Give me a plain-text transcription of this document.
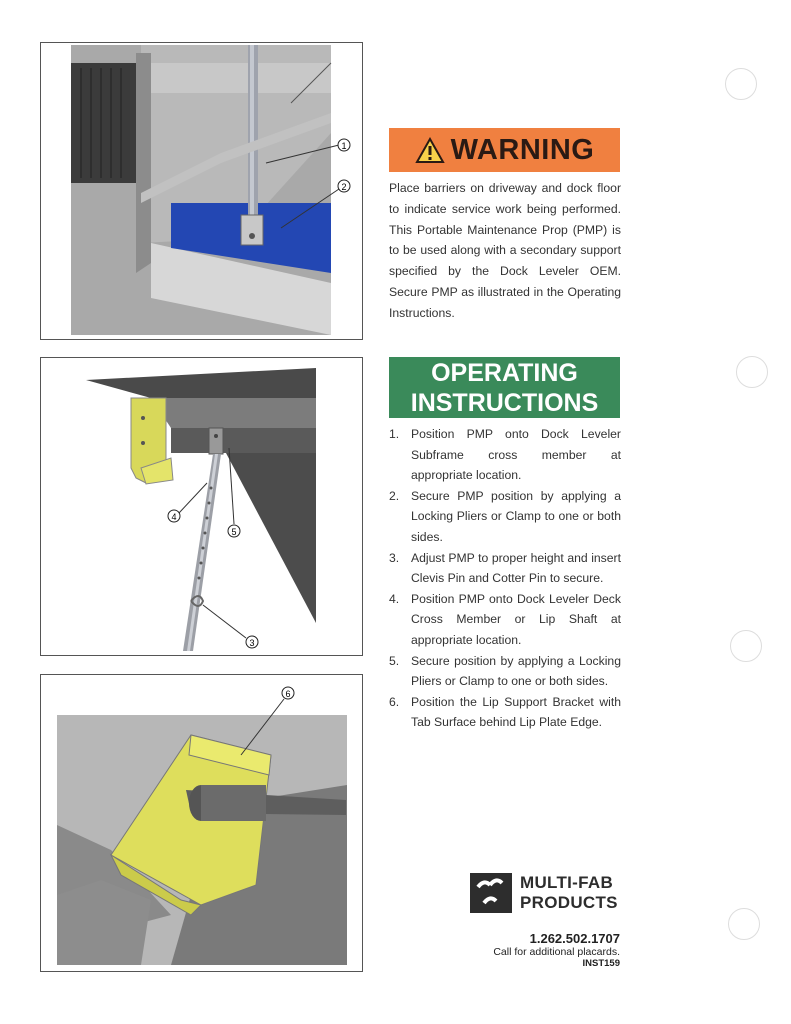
1
2
4
5
3
6
WARNING
Place barriers on driveway and dock floor to indicate service work being performed. This Portable Maintenance Prop (PMP) is to be used along with a secondary support specified by the Dock Leveler OEM. Secure PMP as illustrated in the Operating Instructions.
OPERATING
INSTRUCTIONS
1. Position PMP onto Dock Leveler Subframe cross member at appropriate location.
2. Secure PMP position by applying a Locking Pliers or Clamp to one or both sides.
3. Adjust PMP to proper height and insert Clevis Pin and Cotter Pin to secure.
4. Position PMP onto Dock Leveler Deck Cross Member or Lip Shaft at appropriate location.
5. Secure position by applying a Locking Pliers or Clamp to one or both sides.
6. Position the Lip Support Bracket with Tab Surface behind Lip Plate Edge.
MULTI-FAB
PRODUCTS
1.262.502.1707
Call for additional placards.
INST159
